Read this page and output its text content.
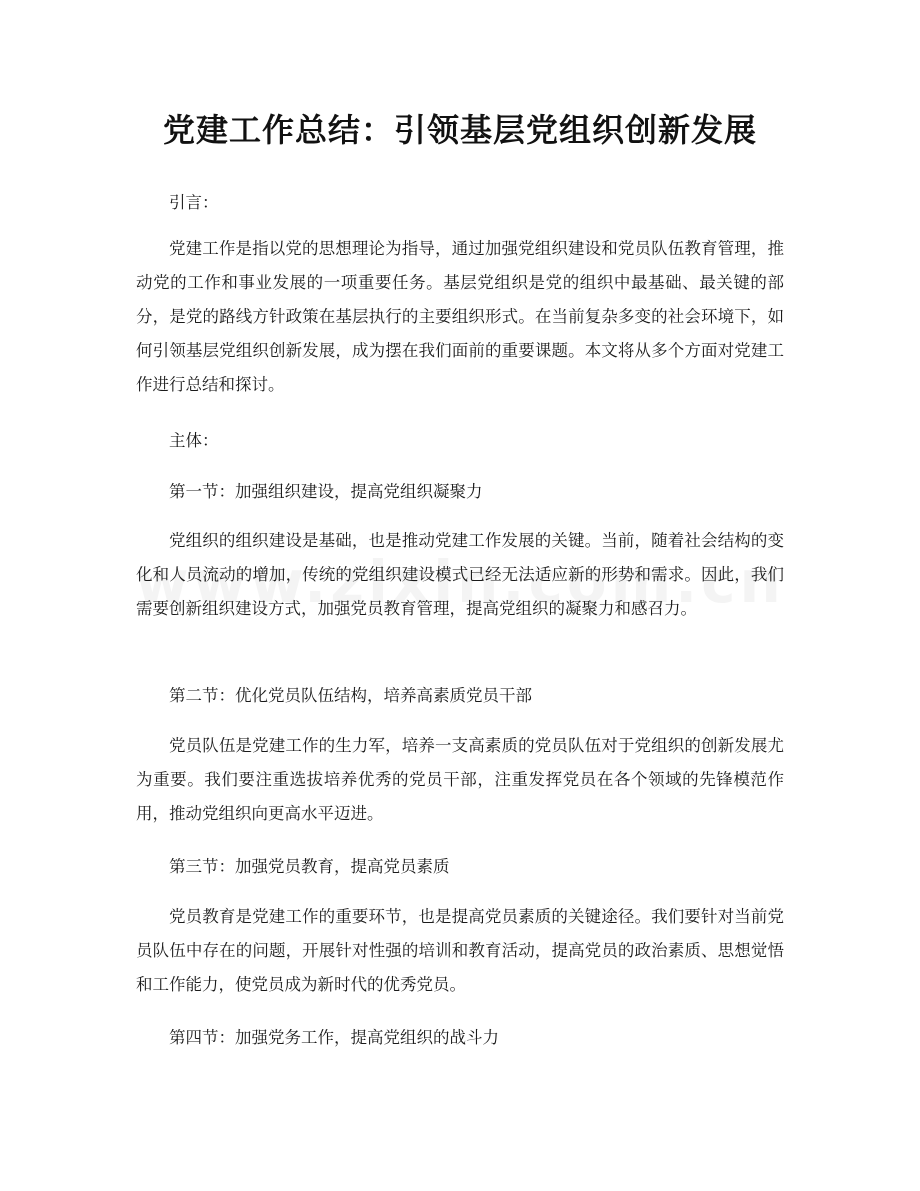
党建工作总结：引领基层党组织创新发展

引言：

党建工作是指以党的思想理论为指导，通过加强党组织建设和党员队伍教育管理，推动党的工作和事业发展的一项重要任务。基层党组织是党的组织中最基础、最关键的部分，是党的路线方针政策在基层执行的主要组织形式。在当前复杂多变的社会环境下，如何引领基层党组织创新发展，成为摆在我们面前的重要课题。本文将从多个方面对党建工作进行总结和探讨。

主体：

第一节：加强组织建设，提高党组织凝聚力

党组织的组织建设是基础，也是推动党建工作发展的关键。当前，随着社会结构的变化和人员流动的增加，传统的党组织建设模式已经无法适应新的形势和需求。因此，我们需要创新组织建设方式，加强党员教育管理，提高党组织的凝聚力和感召力。

第二节：优化党员队伍结构，培养高素质党员干部

党员队伍是党建工作的生力军，培养一支高素质的党员队伍对于党组织的创新发展尤为重要。我们要注重选拔培养优秀的党员干部，注重发挥党员在各个领域的先锋模范作用，推动党组织向更高水平迈进。

第三节：加强党员教育，提高党员素质

党员教育是党建工作的重要环节，也是提高党员素质的关键途径。我们要针对当前党员队伍中存在的问题，开展针对性强的培训和教育活动，提高党员的政治素质、思想觉悟和工作能力，使党员成为新时代的优秀党员。

第四节：加强党务工作，提高党组织的战斗力
